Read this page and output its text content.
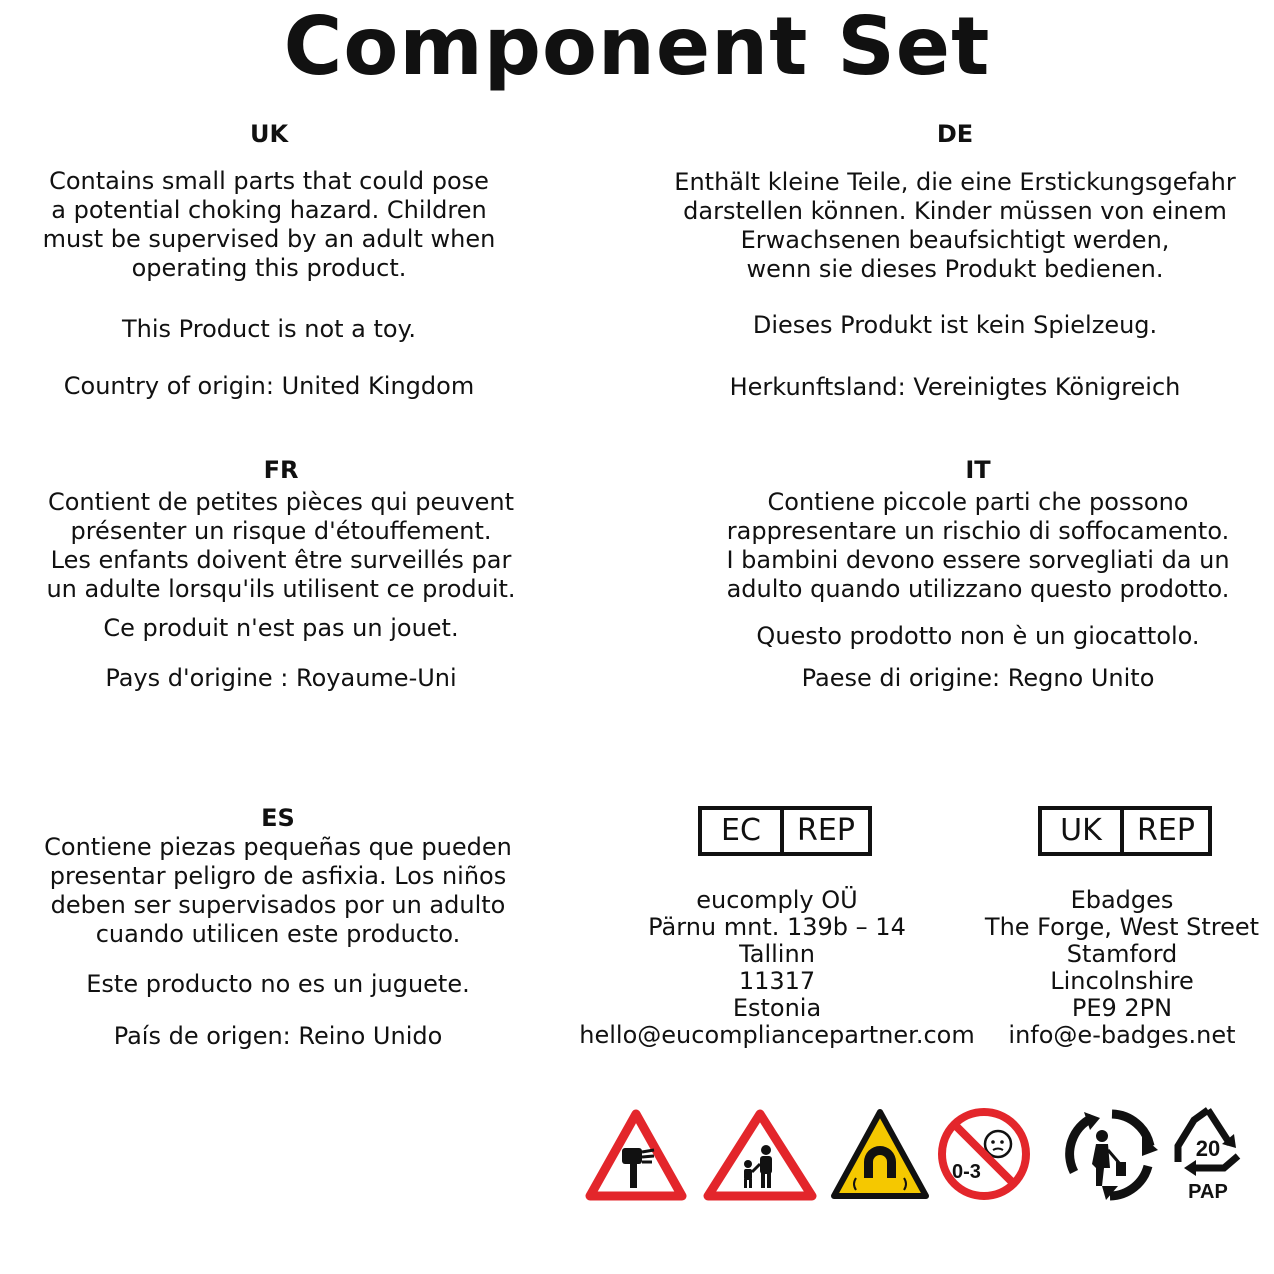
Component Set
UK

Contains small parts that could pose
a potential choking hazard. Children
must be supervised by an adult when
operating this product.

This Product is not a toy.

Country of origin: United Kingdom

DE

Enthält kleine Teile, die eine Erstickungsgefahr
darstellen können. Kinder müssen von einem
Erwachsenen beaufsichtigt werden,
wenn sie dieses Produkt bedienen.

Dieses Produkt ist kein Spielzeug.

Herkunftsland: Vereinigtes Königreich

FR

Contient de petites pièces qui peuvent
présenter un risque d'étouffement.
Les enfants doivent être surveillés par
un adulte lorsqu'ils utilisent ce produit.

Ce produit n'est pas un jouet.

Pays d'origine : Royaume-Uni

IT

Contiene piccole parti che possono
rappresentare un rischio di soffocamento.
I bambini devono essere sorvegliati da un
adulto quando utilizzano questo prodotto.

Questo prodotto non è un giocattolo.

Paese di origine: Regno Unito

ES

Contiene piezas pequeñas que pueden
presentar peligro de asfixia. Los niños
deben ser supervisados por un adulto
cuando utilicen este producto.

Este producto no es un juguete.

País de origen: Reino Unido

EC	REP
eucomply OÜ
Pärnu mnt. 139b – 14
Tallinn
11317
Estonia
hello@eucompliancepartner.com
UK	REP
Ebadges
The Forge, West Street
Stamford
Lincolnshire
PE9 2PN
info@e-badges.net
0-3
20
PAP
